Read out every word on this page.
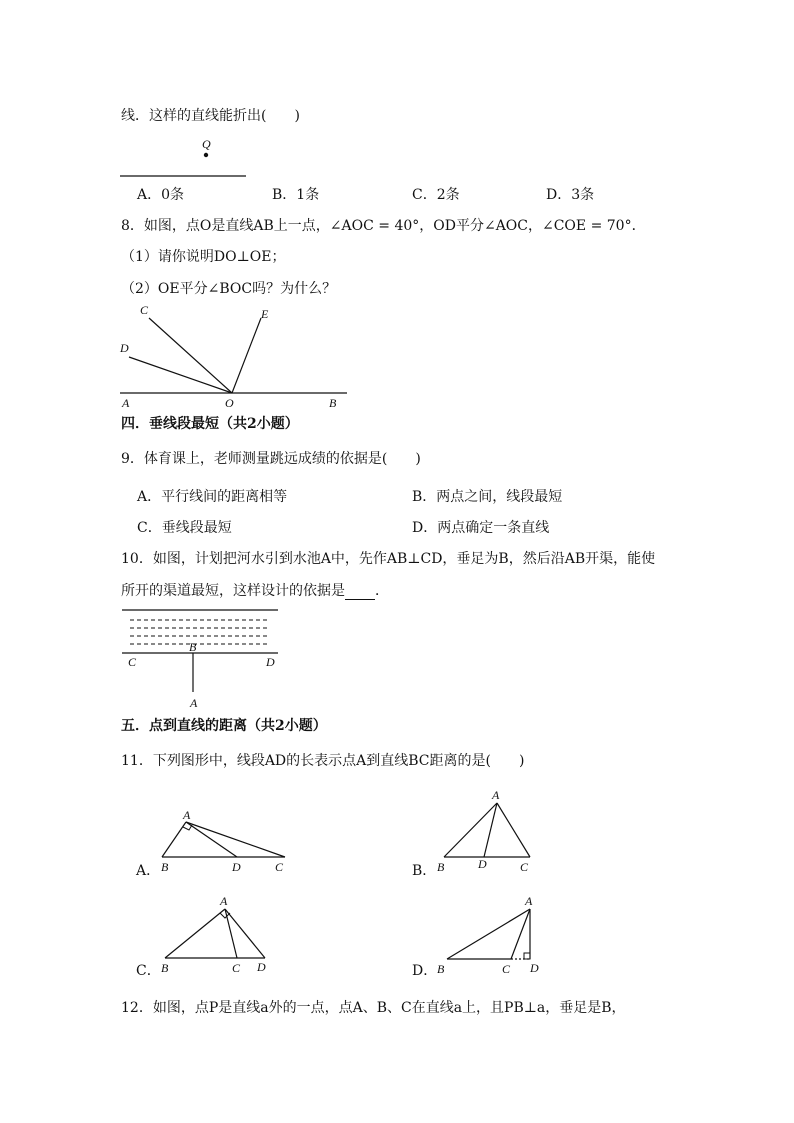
线．这样的直线能折出(　　)
Q
A．0条	B．1条	C．2条	D．3条
8．如图，点O是直线AB上一点，∠AOC = 40°，OD平分∠AOC，∠COE = 70°．
（1）请你说明DO⊥OE；
（2）OE平分∠BOC吗？为什么？
C
D
E
A	O	B
四．垂线段最短（共2小题）
9．体育课上，老师测量跳远成绩的依据是(　　)
A．平行线间的距离相等	B．两点之间，线段最短
C．垂线段最短	D．两点确定一条直线
10．如图，计划把河水引到水池A中，先作AB⊥CD，垂足为B，然后沿AB开渠，能使
所开的渠道最短，这样设计的依据是 ．
B
C	D
A
五．点到直线的距离（共2小题）
11．下列图形中，线段AD的长表示点A到直线BC距离的是(　　)
A．
A
B	D	C	B．
A
B	D	C
C．
A
B	C D	D．
A
B	C D
12．如图，点P是直线a外的一点，点A、B、C在直线a上，且PB⊥a，垂足是B，
